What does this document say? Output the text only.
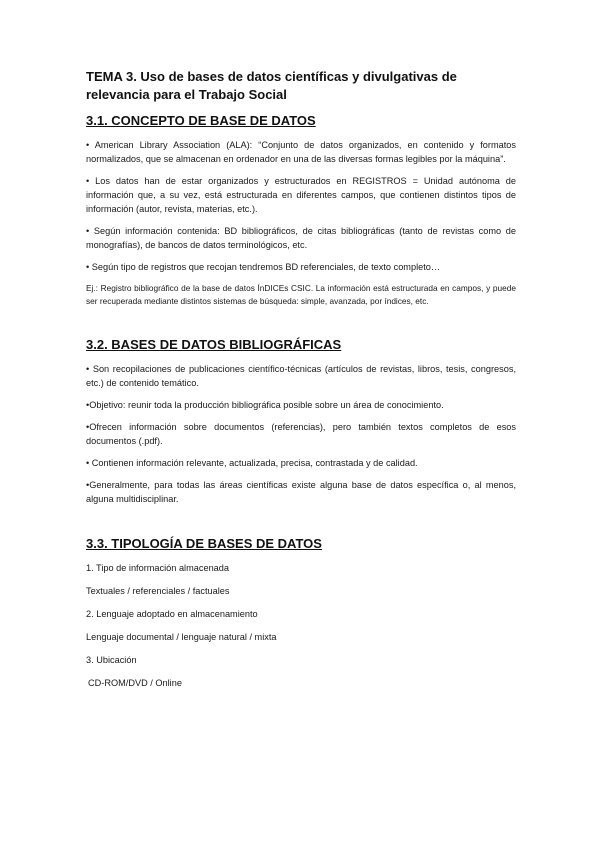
TEMA 3. Uso de bases de datos científicas y divulgativas de relevancia para el Trabajo Social
3.1. CONCEPTO DE BASE DE DATOS

• American Library Association (ALA): “Conjunto de datos organizados, en contenido y formatos normalizados, que se almacenan en ordenador en una de las diversas formas legibles por la máquina”.

• Los datos han de estar organizados y estructurados en REGISTROS = Unidad autónoma de información que, a su vez, está estructurada en diferentes campos, que contienen distintos tipos de información (autor, revista, materias, etc.).

• Según información contenida: BD bibliográficos, de citas bibliográficas (tanto de revistas como de monografías), de bancos de datos terminológicos, etc.

• Según tipo de registros que recojan tendremos BD referenciales, de texto completo…

Ej.: Registro bibliográfico de la base de datos ÍnDICEs CSIC. La información está estructurada en campos, y puede ser recuperada mediante distintos sistemas de búsqueda: simple, avanzada, por índices, etc.

3.2. BASES DE DATOS BIBLIOGRÁFICAS

• Son recopilaciones de publicaciones científico-técnicas (artículos de revistas, libros, tesis, congresos, etc.) de contenido temático.

•Objetivo: reunir toda la producción bibliográfica posible sobre un área de conocimiento.

•Ofrecen información sobre documentos (referencias), pero también textos completos de esos documentos (.pdf).

• Contienen información relevante, actualizada, precisa, contrastada y de calidad.

•Generalmente, para todas las áreas científicas existe alguna base de datos específica o, al menos, alguna multidisciplinar.

3.3. TIPOLOGÍA DE BASES DE DATOS
1. Tipo de información almacenada
Textuales / referenciales / factuales
2. Lenguaje adoptado en almacenamiento
Lenguaje documental / lenguaje natural / mixta
3. Ubicación
CD-ROM/DVD / Online
